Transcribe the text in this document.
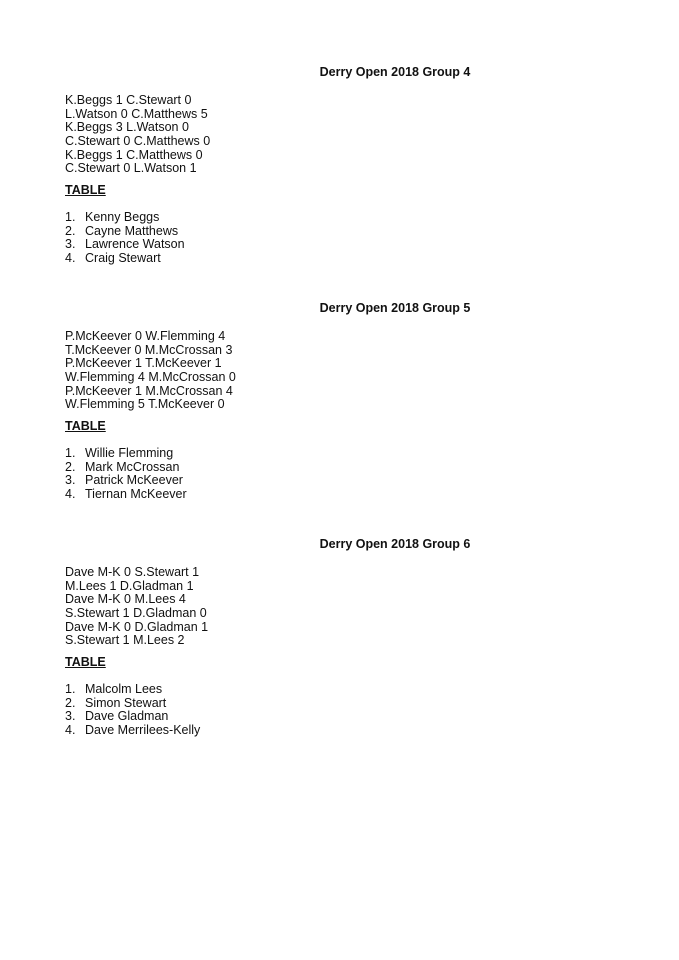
Derry Open 2018 Group 4
K.Beggs 1 C.Stewart 0
L.Watson 0 C.Matthews 5
K.Beggs 3 L.Watson 0
C.Stewart 0 C.Matthews 0
K.Beggs 1 C.Matthews 0
C.Stewart 0 L.Watson 1
TABLE
1. Kenny Beggs
2. Cayne Matthews
3. Lawrence Watson
4. Craig Stewart
Derry Open 2018 Group 5
P.McKeever 0 W.Flemming 4
T.McKeever 0 M.McCrossan 3
P.McKeever 1 T.McKeever 1
W.Flemming 4 M.McCrossan 0
P.McKeever 1 M.McCrossan 4
W.Flemming 5 T.McKeever 0
TABLE
1. Willie Flemming
2. Mark McCrossan
3. Patrick McKeever
4. Tiernan McKeever
Derry Open 2018 Group 6
Dave M-K 0 S.Stewart 1
M.Lees 1 D.Gladman 1
Dave M-K 0 M.Lees 4
S.Stewart 1 D.Gladman 0
Dave M-K 0 D.Gladman 1
S.Stewart 1 M.Lees 2
TABLE
1. Malcolm Lees
2. Simon Stewart
3. Dave Gladman
4. Dave Merrilees-Kelly
